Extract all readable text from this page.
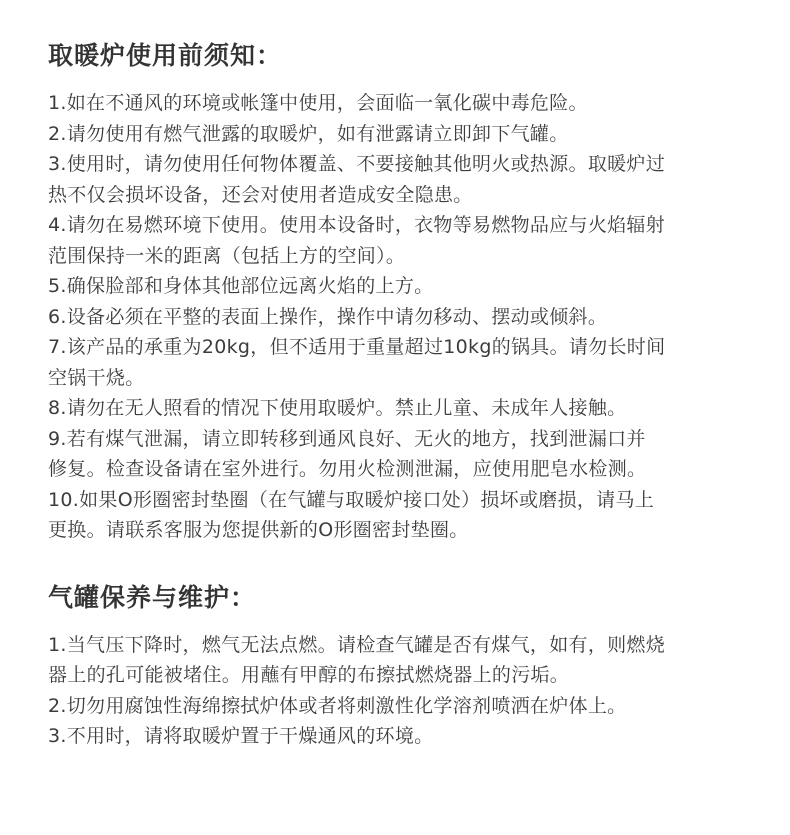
取暖炉使用前须知：

1.如在不通风的环境或帐篷中使用，会面临一氧化碳中毒危险。

2.请勿使用有燃气泄露的取暖炉，如有泄露请立即卸下气罐。

3.使用时，请勿使用任何物体覆盖、不要接触其他明火或热源。取暖炉过

热不仅会损坏设备，还会对使用者造成安全隐患。

4.请勿在易燃环境下使用。使用本设备时，衣物等易燃物品应与火焰辐射

范围保持一米的距离（包括上方的空间）。

5.确保脸部和身体其他部位远离火焰的上方。

6.设备必须在平整的表面上操作，操作中请勿移动、摆动或倾斜。

7.该产品的承重为20kg，但不适用于重量超过10kg的锅具。请勿长时间

空锅干烧。

8.请勿在无人照看的情况下使用取暖炉。禁止儿童、未成年人接触。

9.若有煤气泄漏，请立即转移到通风良好、无火的地方，找到泄漏口并

修复。检查设备请在室外进行。勿用火检测泄漏，应使用肥皂水检测。

10.如果O形圈密封垫圈（在气罐与取暖炉接口处）损坏或磨损，请马上

更换。请联系客服为您提供新的O形圈密封垫圈。

气罐保养与维护：

1.当气压下降时，燃气无法点燃。请检查气罐是否有煤气，如有，则燃烧

器上的孔可能被堵住。用蘸有甲醇的布擦拭燃烧器上的污垢。

2.切勿用腐蚀性海绵擦拭炉体或者将刺激性化学溶剂喷洒在炉体上。

3.不用时，请将取暖炉置于干燥通风的环境。
